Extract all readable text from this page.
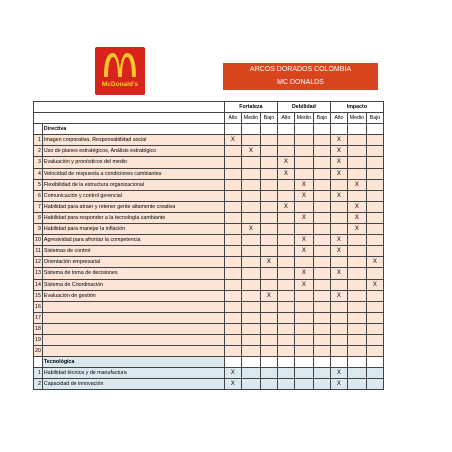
McDonald's
ARCOS DORADOS COLOMBIA
MC DONALDS
		Fortaleza			Debilidad			Impacto		
		Alto	Medio	Bajo	Alto	Medio	Bajo	Alto	Medio	Bajo
	Directiva									
1	Imagen corporativa, Responsabilidad social	X						X		
2	Uso de planes estratégicos, Análisis estratégico		X					X		
3	Evaluación y pronósticos del medio				X			X		
4	Velocidad de respuesta a condiciones cambiantes				X			X		
5	Flexibilidad de la estructura organizacional					X			X	
6	Comunicación y control gerencial					X		X		
7	Habilidad para atraer y retener gente altamente creativa				X				X	
8	Habilidad para responder a la tecnología cambiante					X			X	
9	Habilidad para manejar la inflación		X						X	
10	Agresividad para afrontar la competencia					X		X		
11	Sistemas de control					X		X		
12	Orientación empresarial			X						X
13	Sistema de toma de decisiones					X		X		
14	Sistema de Coordinación					X				X
15	Evaluación de gestión			X				X		
16										
17										
18										
19										
20										
	Tecnológica									
1	Habilidad técnica y de manufactura	X						X		
2	Capacidad de innovación	X						X		
